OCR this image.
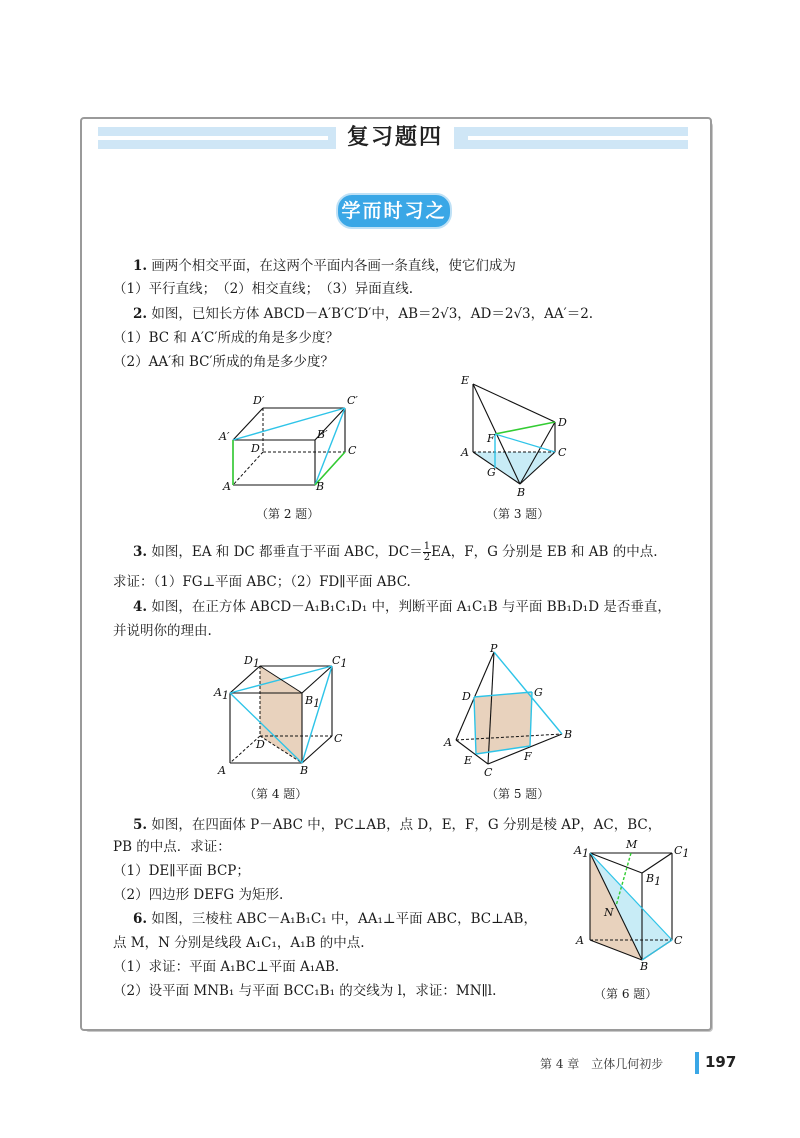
复习题四
学而时习之
1. 画两个相交平面，在这两个平面内各画一条直线，使它们成为
（1）平行直线；　（2）相交直线；　（3）异面直线.
2. 如图，已知长方体 ABCD－A′B′C′D′中，AB＝2√3，AD＝2√3，AA′＝2.
（1）BC 和 A′C′所成的角是多少度？
（2）AA′和 BC′所成的角是多少度？
D′	C′
A′	B′
D	C
A	B
（第 2 题）
E
D
F
A	C
G
B
（第 3 题）
3. 如图，EA 和 DC 都垂直于平面 ABC，$DC= \frac{1}{2}$ EA，F，G 分别是 EB 和 AB 的中点.
求证：（1）FG⊥平面 ABC；（2）FD∥平面 ABC.
4. 如图，在正方体 ABCD－A₁B₁C₁D₁ 中，判断平面 A₁C₁B 与平面 BB₁D₁D 是否垂直，
并说明你的理由.
D1	C1
A1	B1
D	C
A	B
（第 4 题）
P
D	G
A
B
E	F
C
（第 5 题）
5. 如图，在四面体 P－ABC 中，PC⊥AB，点 D，E，F，G 分别是棱 AP，AC，BC，
PB 的中点．求证：
（1）DE∥平面 BCP；
（2）四边形 DEFG 为矩形.
6. 如图，三棱柱 ABC－A₁B₁C₁ 中，AA₁⊥平面 ABC，BC⊥AB，
点 M，N 分别是线段 A₁C₁，A₁B 的中点.
（1）求证：平面 A₁BC⊥平面 A₁AB.
（2）设平面 MNB₁ 与平面 BCC₁B₁ 的交线为 l，求证：MN∥l.
A1
M	C1
B1
N
A	C
B
（第 6 题）
第 4 章　立体几何初步	197
